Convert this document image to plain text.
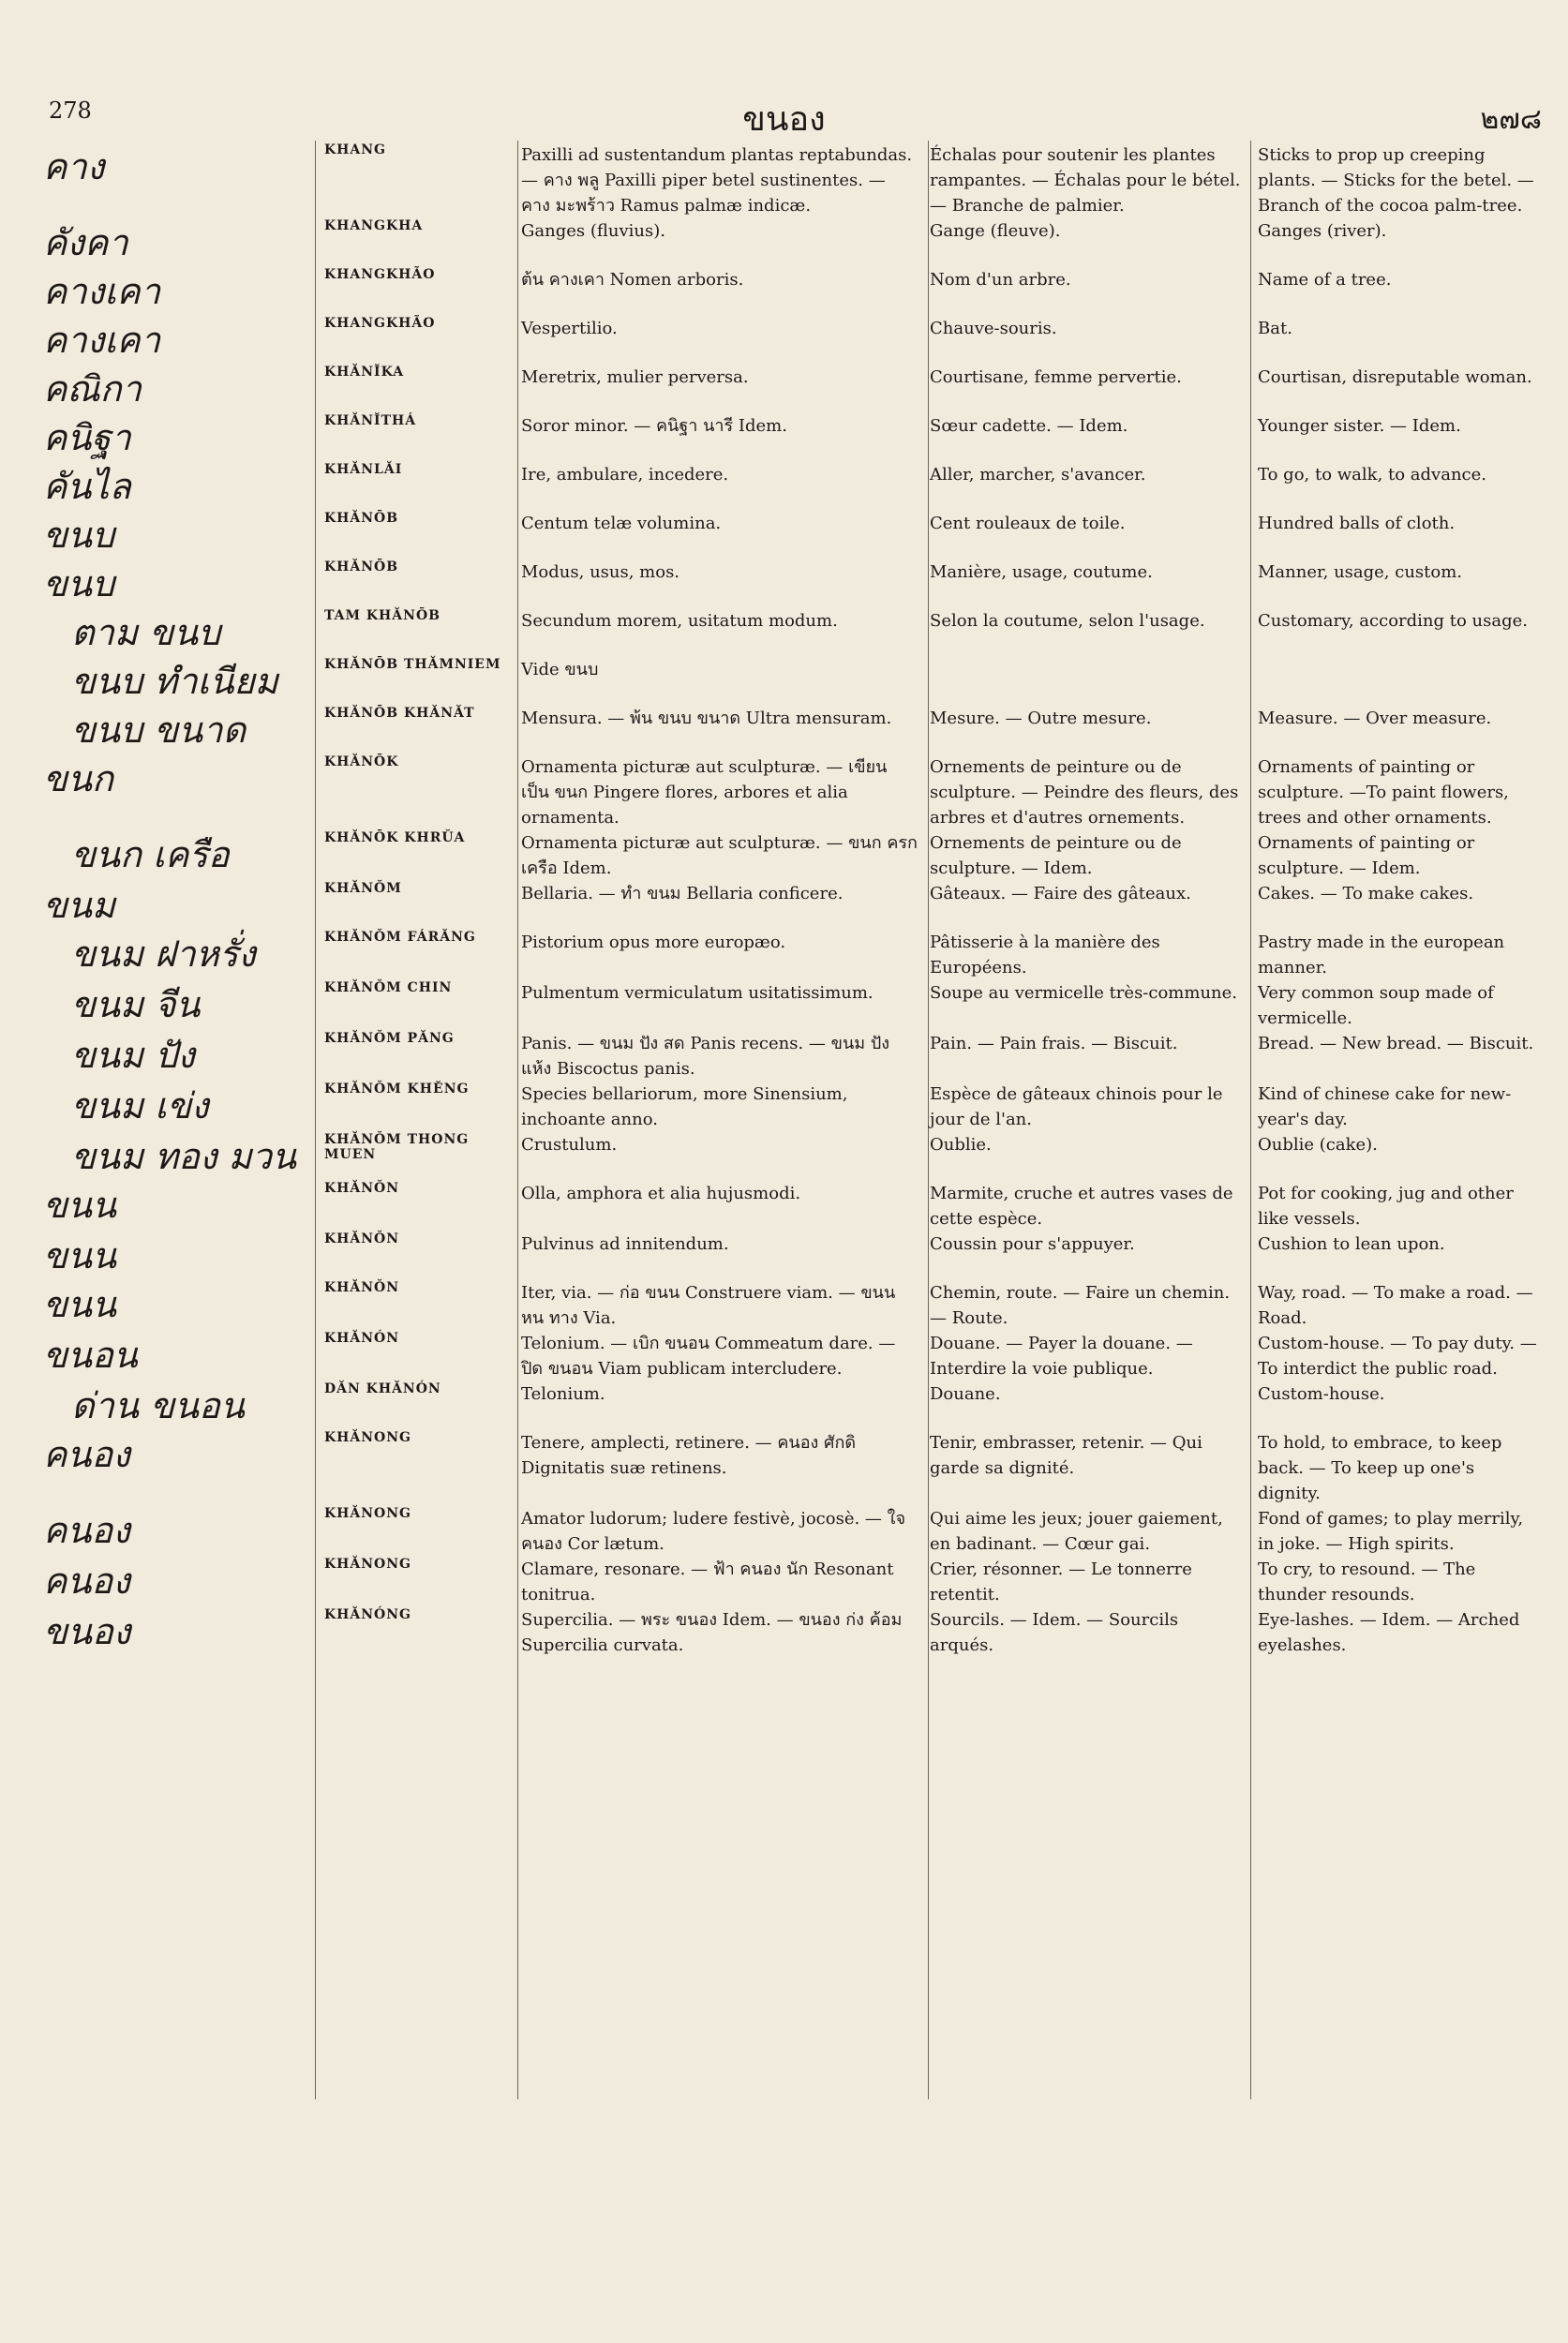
278	ขนอง	๒๗๘
คาง	KHANG	Paxilli ad sustentandum plantas reptabundas. — คาง พลู Paxilli piper betel sustinentes. — คาง มะพร้าว Ramus palmæ indicæ.	Échalas pour soutenir les plantes rampantes. — Échalas pour le bétel. — Branche de palmier.	Sticks to prop up creeping plants. — Sticks for the betel. — Branch of the cocoa palm-tree.
คังคา	KHANGKHA	Ganges (fluvius).	Gange (fleuve).	Ganges (river).
คางเคา	KHANGKHÃO	ต้น คางเคา Nomen arboris.	Nom d'un arbre.	Name of a tree.
คางเคา	KHANGKHÃO	Vespertilio.	Chauve-souris.	Bat.
คณิกา	KHĂNĬKA	Meretrix, mulier perversa.	Courtisane, femme pervertie.	Courtisan, disreputable woman.
คนิฐา	KHĂNĬTHÁ	Soror minor. — คนิฐา นารี Idem.	Sœur cadette. — Idem.	Younger sister. — Idem.
คันไล	KHĂNLĂI	Ire, ambulare, incedere.	Aller, marcher, s'avancer.	To go, to walk, to advance.
ขนบ	KHĂNŌB	Centum telæ volumina.	Cent rouleaux de toile.	Hundred balls of cloth.
ขนบ	KHĂNŌB	Modus, usus, mos.	Manière, usage, coutume.	Manner, usage, custom.
ตาม ขนบ	TAM KHĂNŌB	Secundum morem, usitatum modum.	Selon la coutume, selon l'usage.	Customary, according to usage.
ขนบ ทำเนียม	KHĂNŌB THĂMNIEM	Vide ขนบ		
ขนบ ขนาด	KHĂNŌB KHĂNĂT	Mensura. — พ้น ขนบ ขนาด Ultra mensuram.	Mesure. — Outre mesure.	Measure. — Over measure.
ขนก	KHĂNŌK	Ornamenta picturæ aut sculpturæ. — เขียน เป็น ขนก Pingere flores, arbores et alia ornamenta.	Ornements de peinture ou de sculpture. — Peindre des fleurs, des arbres et d'autres ornements.	Ornaments of painting or sculpture. —To paint flowers, trees and other ornaments.
ขนก เครือ	KHĂNŌK KHRŬA	Ornamenta picturæ aut sculpturæ. — ขนก ครก เครือ Idem.	Ornements de peinture ou de sculpture. — Idem.	Ornaments of painting or sculpture. — Idem.
ขนม	KHĂNŎM	Bellaria. — ทำ ขนม Bellaria conficere.	Gâteaux. — Faire des gâteaux.	Cakes. — To make cakes.
ขนม ฝาหรั่ง	KHĂNŎM FÁRĂNG	Pistorium opus more europæo.	Pâtisserie à la manière des Européens.	Pastry made in the european manner.
ขนม จีน	KHĂNŎM CHIN	Pulmentum vermiculatum usitatissimum.	Soupe au vermicelle très-commune.	Very common soup made of vermicelle.
ขนม ปัง	KHĂNŎM PĂNG	Panis. — ขนม ปัง สด Panis recens. — ขนม ปัง แห้ง Biscoctus panis.	Pain. — Pain frais. — Biscuit.	Bread. — New bread. — Biscuit.
ขนม เข่ง	KHĂNŎM KHĔNG	Species bellariorum, more Sinensium, inchoante anno.	Espèce de gâteaux chinois pour le jour de l'an.	Kind of chinese cake for new-year's day.
ขนม ทอง มวน	KHĂNŎM THONG MUEN	Crustulum.	Oublie.	Oublie (cake).
ขนน	KHĂNŎN	Olla, amphora et alia hujusmodi.	Marmite, cruche et autres vases de cette espèce.	Pot for cooking, jug and other like vessels.
ขนน	KHĂNŎN	Pulvinus ad innitendum.	Coussin pour s'appuyer.	Cushion to lean upon.
ขนน	KHĂNŎN	Iter, via. — ก่อ ขนน Construere viam. — ขนน หน ทาง Via.	Chemin, route. — Faire un chemin. — Route.	Way, road. — To make a road. — Road.
ขนอน	KHĂNÓN	Telonium. — เบิก ขนอน Commeatum dare. — ปิด ขนอน Viam publicam intercludere.	Douane. — Payer la douane. — Interdire la voie publique.	Custom-house. — To pay duty. — To interdict the public road.
ด่าน ขนอน	DĂN KHĂNÓN	Telonium.	Douane.	Custom-house.
คนอง	KHĂNONG	Tenere, amplecti, retinere. — คนอง ศักดิ Dignitatis suæ retinens.	Tenir, embrasser, retenir. — Qui garde sa dignité.	To hold, to embrace, to keep back. — To keep up one's dignity.
คนอง	KHĂNONG	Amator ludorum; ludere festivè, jocosè. — ใจ คนอง Cor lætum.	Qui aime les jeux; jouer gaiement, en badinant. — Cœur gai.	Fond of games; to play merrily, in joke. — High spirits.
คนอง	KHĂNONG	Clamare, resonare. — ฟ้า คนอง นัก Resonant tonitrua.	Crier, résonner. — Le tonnerre retentit.	To cry, to resound. — The thunder resounds.
ขนอง	KHĂNÓNG	Supercilia. — พระ ขนอง Idem. — ขนอง ก่ง ค้อม Supercilia curvata.	Sourcils. — Idem. — Sourcils arqués.	Eye-lashes. — Idem. — Arched eyelashes.
